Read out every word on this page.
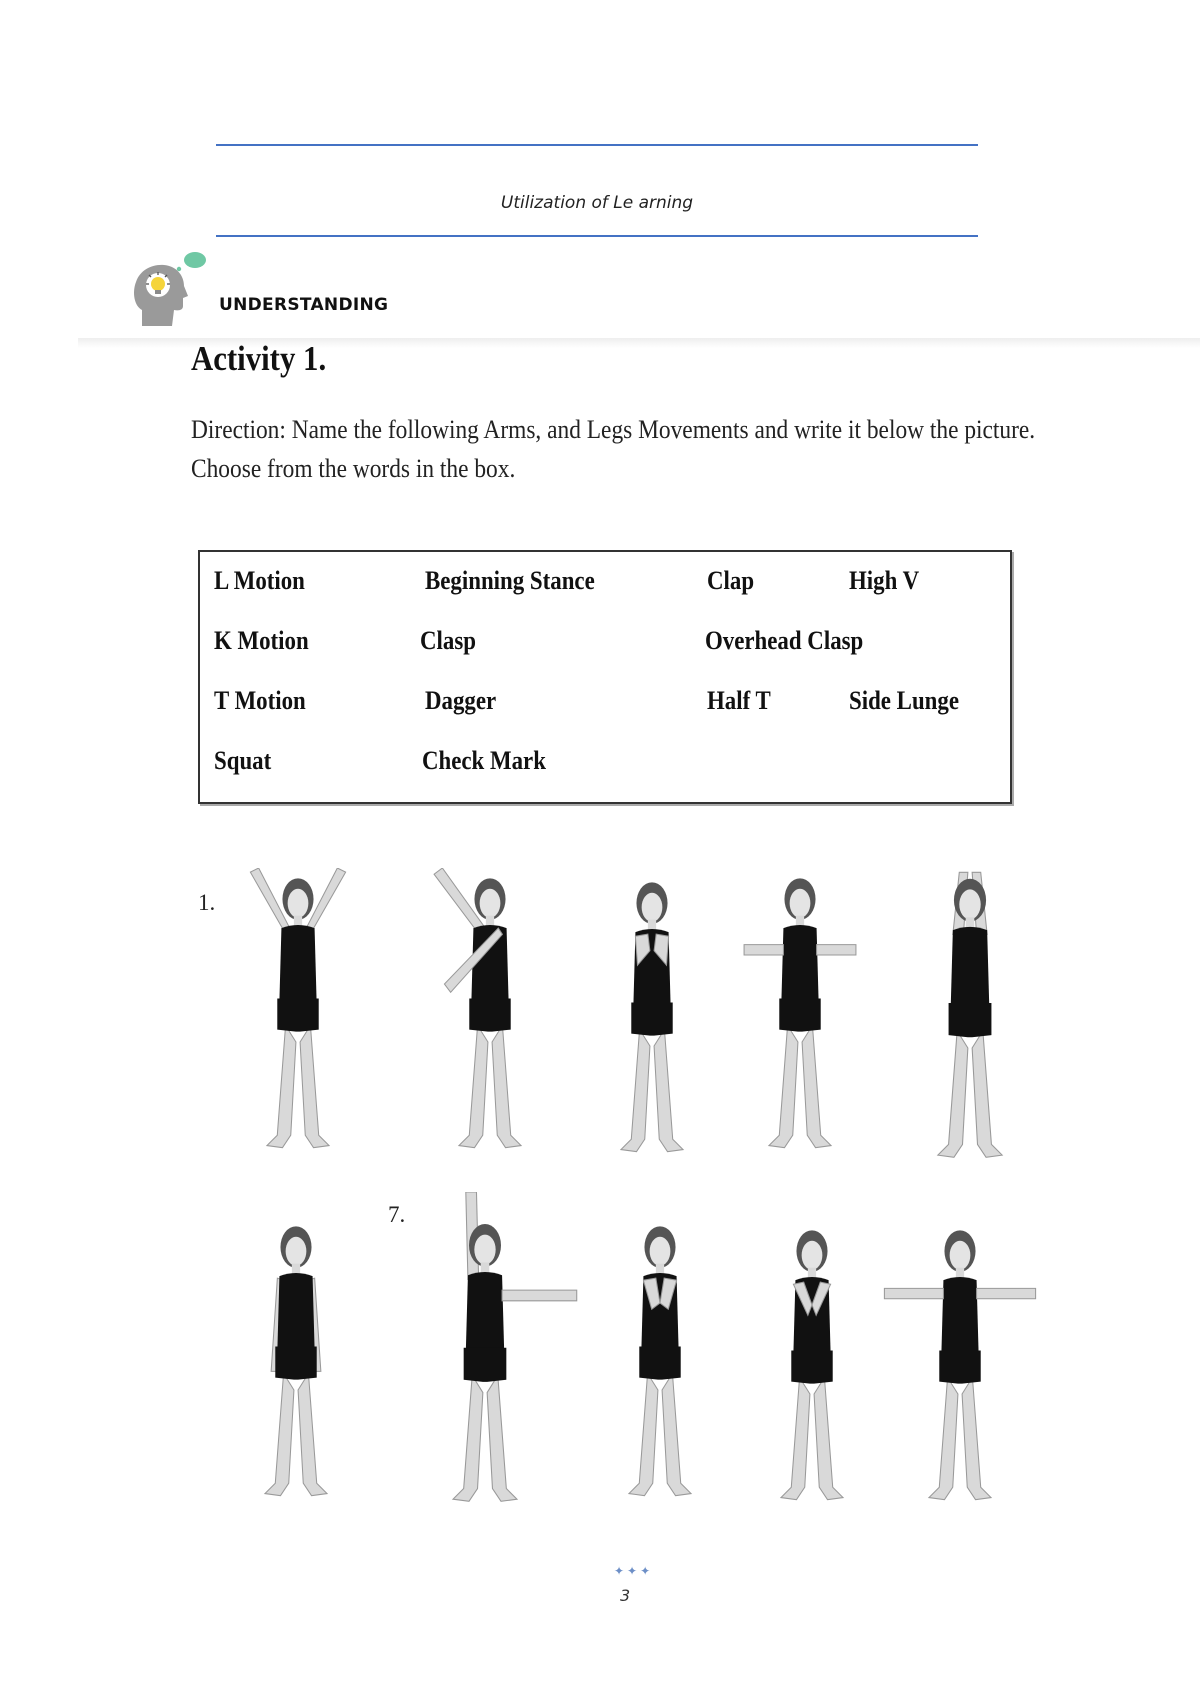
Utilization of Le arning
UNDERSTANDING
Activity 1.
Direction: Name the following Arms, and Legs Movements and write it below the picture. Choose from the words in the box.
L Motion	Beginning Stance	Clap	High V
K Motion	Clasp	Overhead Clasp
T Motion	Dagger	Half T	Side Lunge
Squat	Check Mark
1.
7.
✦✦✦
3
